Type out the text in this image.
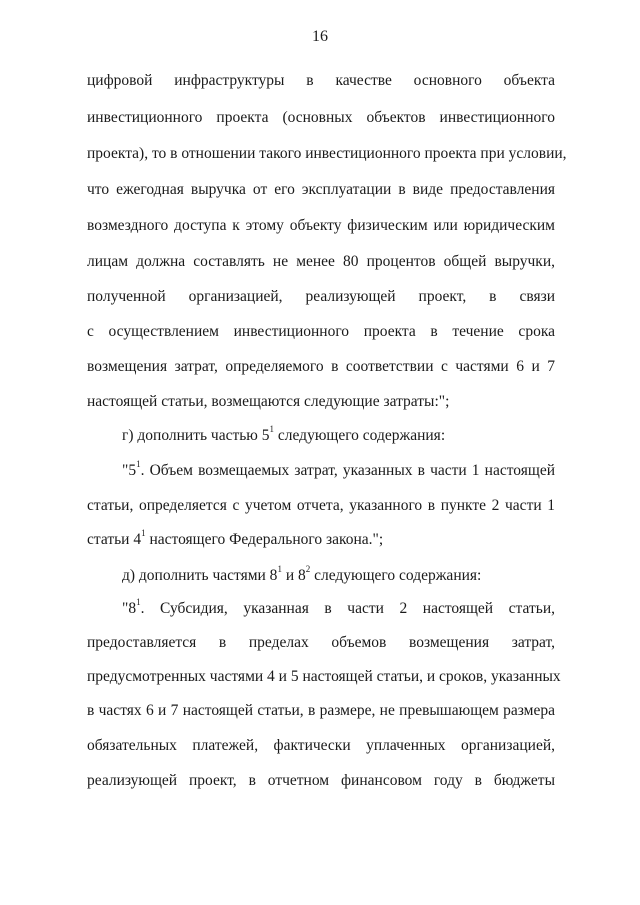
16
цифровой инфраструктуры в качестве основного объекта
инвестиционного проекта (основных объектов инвестиционного
проекта), то в отношении такого инвестиционного проекта при условии,
что ежегодная выручка от его эксплуатации в виде предоставления
возмездного доступа к этому объекту физическим или юридическим
лицам должна составлять не менее 80 процентов общей выручки,
полученной организацией, реализующей проект, в связи
с осуществлением инвестиционного проекта в течение срока
возмещения затрат, определяемого в соответствии с частями 6 и 7
настоящей статьи, возмещаются следующие затраты:";
г) дополнить частью $5^1$ следующего содержания:
"$5^1$. Объем возмещаемых затрат, указанных в части 1 настоящей
статьи, определяется с учетом отчета, указанного в пункте 2 части 1
статьи $4^1$ настоящего Федерального закона.";
д) дополнить частями $8^1$ и $8^2$ следующего содержания:
"$8^1$. Субсидия, указанная в части 2 настоящей статьи,
предоставляется в пределах объемов возмещения затрат,
предусмотренных частями 4 и 5 настоящей статьи, и сроков, указанных
в частях 6 и 7 настоящей статьи, в размере, не превышающем размера
обязательных платежей, фактически уплаченных организацией,
реализующей проект, в отчетном финансовом году в бюджеты
